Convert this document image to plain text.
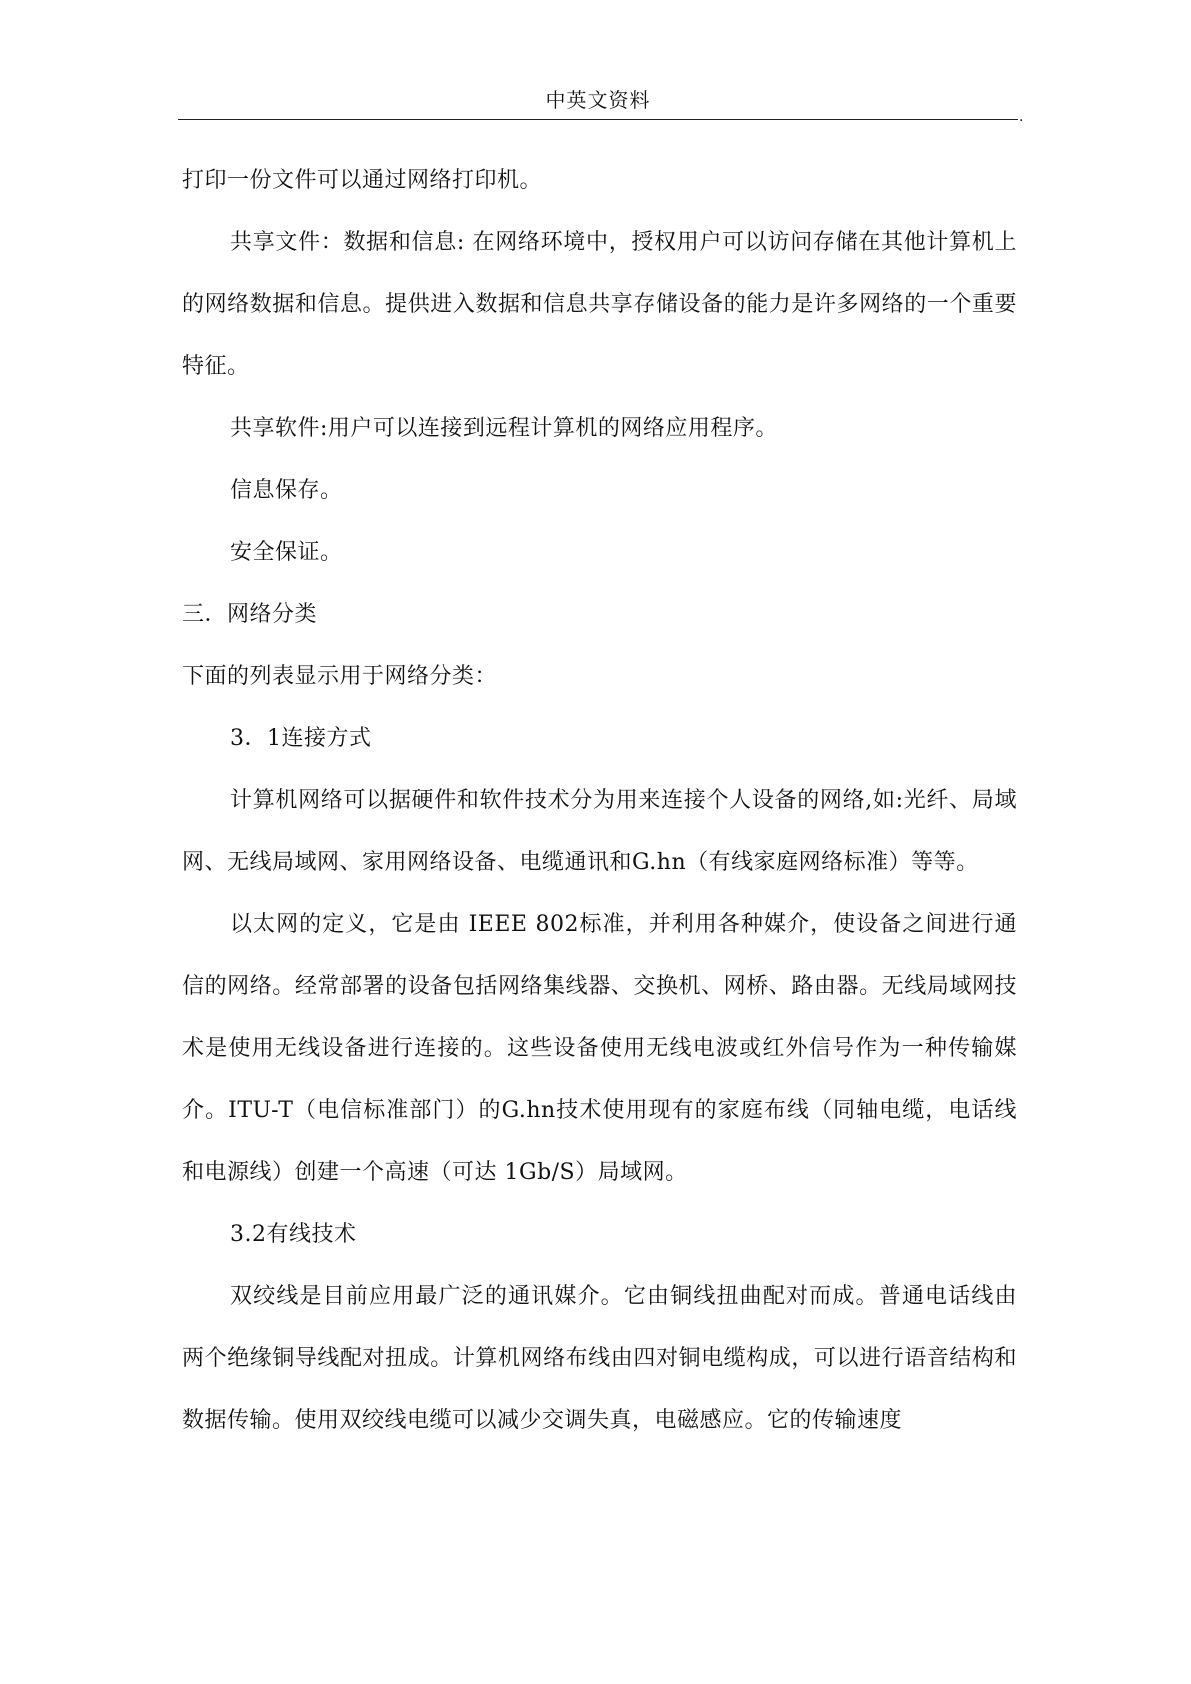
中英文资料
.

打印一份文件可以通过网络打印机。

共享文件：数据和信息: 在网络环境中，授权用户可以访问存储在其他计算机上的网络数据和信息。提供进入数据和信息共享存储设备的能力是许多网络的一个重要特征。

共享软件:用户可以连接到远程计算机的网络应用程序。

信息保存。

安全保证。

三．网络分类

下面的列表显示用于网络分类：

3．1连接方式

计算机网络可以据硬件和软件技术分为用来连接个人设备的网络,如:光纤、局域网、无线局域网、家用网络设备、电缆通讯和G.hn（有线家庭网络标准）等等。

以太网的定义，它是由 IEEE 802标准，并利用各种媒介，使设备之间进行通信的网络。经常部署的设备包括网络集线器、交换机、网桥、路由器。无线局域网技术是使用无线设备进行连接的。这些设备使用无线电波或红外信号作为一种传输媒介。ITU-T（电信标准部门）的G.hn技术使用现有的家庭布线（同轴电缆，电话线和电源线）创建一个高速（可达 1Gb/S）局域网。

3.2有线技术

双绞线是目前应用最广泛的通讯媒介。它由铜线扭曲配对而成。普通电话线由两个绝缘铜导线配对扭成。计算机网络布线由四对铜电缆构成，可以进行语音结构和数据传输。使用双绞线电缆可以减少交调失真，电磁感应。它的传输速度
